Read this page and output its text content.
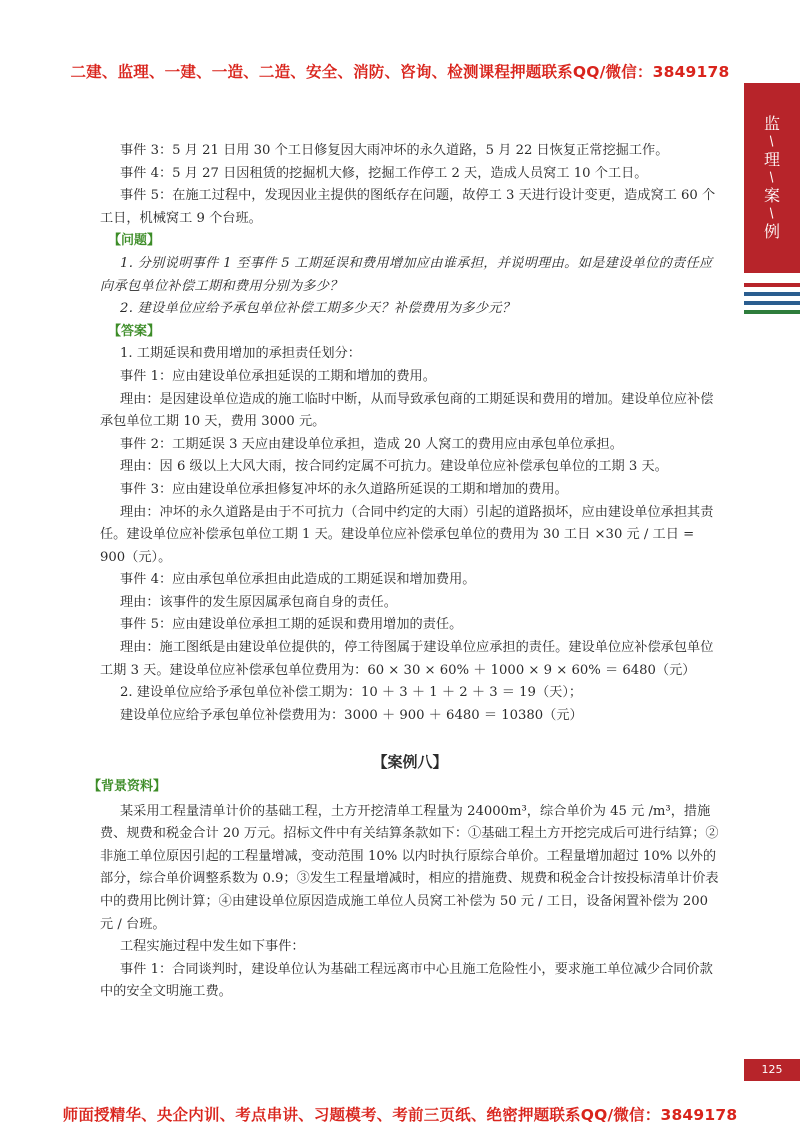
二建、监理、一建、一造、二造、安全、消防、咨询、检测课程押题联系QQ/微信：3849178
监
/
理
/
案
/
例

事件 3：5 月 21 日用 30 个工日修复因大雨冲坏的永久道路，5 月 22 日恢复正常挖掘工作。

事件 4：5 月 27 日因租赁的挖掘机大修，挖掘工作停工 2 天，造成人员窝工 10 个工日。

事件 5：在施工过程中，发现因业主提供的图纸存在问题，故停工 3 天进行设计变更，造成窝工 60 个工日，机械窝工 9 个台班。

【问题】

1. 分别说明事件 1 至事件 5 工期延误和费用增加应由谁承担，并说明理由。如是建设单位的责任应向承包单位补偿工期和费用分别为多少？

2. 建设单位应给予承包单位补偿工期多少天？补偿费用为多少元？

【答案】

1. 工期延误和费用增加的承担责任划分：

事件 1：应由建设单位承担延误的工期和增加的费用。

理由：是因建设单位造成的施工临时中断，从而导致承包商的工期延误和费用的增加。建设单位应补偿承包单位工期 10 天，费用 3000 元。

事件 2：工期延误 3 天应由建设单位承担，造成 20 人窝工的费用应由承包单位承担。

理由：因 6 级以上大风大雨，按合同约定属不可抗力。建设单位应补偿承包单位的工期 3 天。

事件 3：应由建设单位承担修复冲坏的永久道路所延误的工期和增加的费用。

理由：冲坏的永久道路是由于不可抗力（合同中约定的大雨）引起的道路损坏，应由建设单位承担其责任。建设单位应补偿承包单位工期 1 天。建设单位应补偿承包单位的费用为 30 工日 ×30 元 / 工日 = 900（元）。

事件 4：应由承包单位承担由此造成的工期延误和增加费用。

理由：该事件的发生原因属承包商自身的责任。

事件 5：应由建设单位承担工期的延误和费用增加的责任。

理由：施工图纸是由建设单位提供的，停工待图属于建设单位应承担的责任。建设单位应补偿承包单位工期 3 天。建设单位应补偿承包单位费用为：60 × 30 × 60% ＋ 1000 × 9 × 60% ＝ 6480（元）

2. 建设单位应给予承包单位补偿工期为：10 ＋ 3 ＋ 1 ＋ 2 ＋ 3 ＝ 19（天）；

建设单位应给予承包单位补偿费用为：3000 ＋ 900 ＋ 6480 ＝ 10380（元）

【案例八】

【背景资料】

某采用工程量清单计价的基础工程，土方开挖清单工程量为 24000m³，综合单价为 45 元 /m³，措施费、规费和税金合计 20 万元。招标文件中有关结算条款如下：①基础工程土方开挖完成后可进行结算；②非施工单位原因引起的工程量增减，变动范围 10% 以内时执行原综合单价。工程量增加超过 10% 以外的部分，综合单价调整系数为 0.9；③发生工程量增减时，相应的措施费、规费和税金合计按投标清单计价表中的费用比例计算；④由建设单位原因造成施工单位人员窝工补偿为 50 元 / 工日，设备闲置补偿为 200 元 / 台班。

工程实施过程中发生如下事件：

事件 1：合同谈判时，建设单位认为基础工程远离市中心且施工危险性小，要求施工单位减少合同价款中的安全文明施工费。

125
师面授精华、央企内训、考点串讲、习题模考、考前三页纸、绝密押题联系QQ/微信：3849178
